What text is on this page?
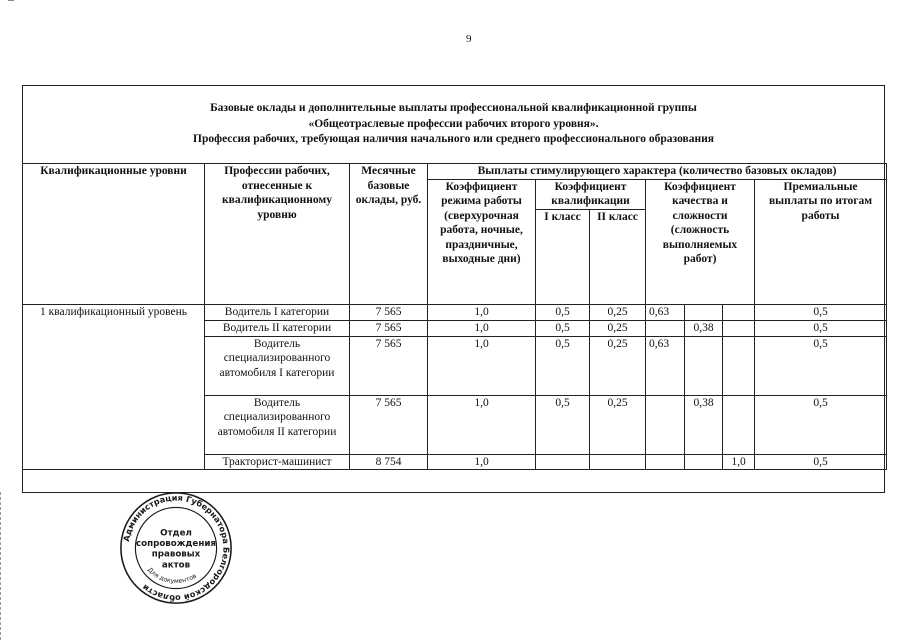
9
Базовые оклады и дополнительные выплаты профессиональной квалификационной группы
«Общеотраслевые профессии рабочих второго уровня».
Профессия рабочих, требующая наличия начального или среднего профессионального образования
Квалификационные уровни	Профессии рабочих, отнесенные к квалификационному уровню	Месячные базовые оклады, руб.	Выплаты стимулирующего характера (количество базовых окладов)						
			Коэффициент режима работы (сверхурочная работа, ночные, праздничные, выходные дни)	Коэффициент квалификации		Коэффициент качества и сложности (сложность выполняемых работ)			Премиальные выплаты по итогам работы
				I класс	II класс				
1 квалификационный уровень	Водитель I категории	7 565	1,0	0,5	0,25	0,63			0,5
	Водитель II категории	7 565	1,0	0,5	0,25		0,38		0,5
	Водитель специализированного автомобиля I категории	7 565	1,0	0,5	0,25	0,63			0,5
	Водитель специализированного автомобиля II категории	7 565	1,0	0,5	0,25		0,38		0,5
	Тракторист-машинист	8 754	1,0					1,0	0,5
Администрация Губернатора Белгородской области
Для документов
Отдел
сопровождения
правовых
актов
